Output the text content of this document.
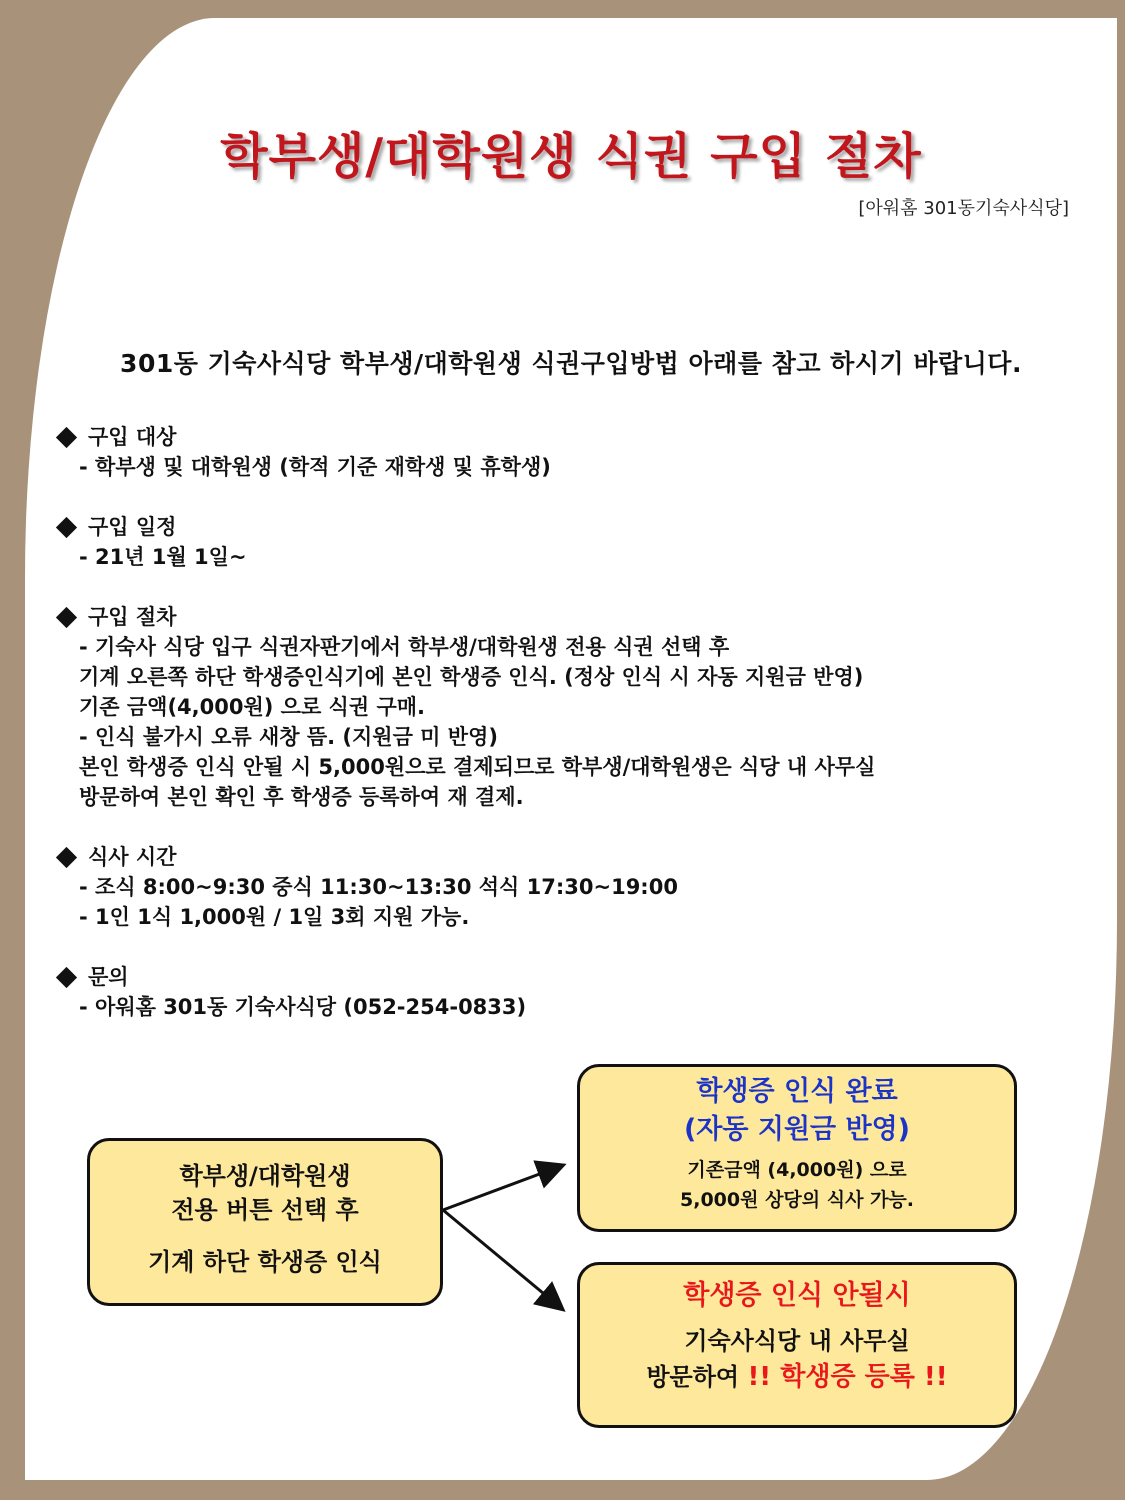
학부생/대학원생 식권 구입 절차
[아워홈 301동기숙사식당]
301동 기숙사식당 학부생/대학원생 식권구입방법 아래를 참고 하시기 바랍니다.
구입 대상
- 학부생 및 대학원생 (학적 기준 재학생 및 휴학생)
구입 일정
- 21년 1월 1일~
구입 절차
- 기숙사 식당 입구 식권자판기에서 학부생/대학원생 전용 식권 선택 후
기계 오른쪽 하단 학생증인식기에 본인 학생증 인식. (정상 인식 시 자동 지원금 반영)
기존 금액(4,000원) 으로 식권 구매.
- 인식 불가시 오류 새창 뜸. (지원금 미 반영)
본인 학생증 인식 안될 시 5,000원으로 결제되므로 학부생/대학원생은 식당 내 사무실
방문하여 본인 확인 후 학생증 등록하여 재 결제.
식사 시간
- 조식 8:00~9:30 중식 11:30~13:30 석식 17:30~19:00
- 1인 1식 1,000원 / 1일 3회 지원 가능.
문의
- 아워홈 301동 기숙사식당 (052-254-0833)
학부생/대학원생
전용 버튼 선택 후
기계 하단 학생증 인식
학생증 인식 완료
(자동 지원금 반영)
기존금액 (4,000원) 으로
5,000원 상당의 식사 가능.
학생증 인식 안될시
기숙사식당 내 사무실
방문하여 !! 학생증 등록 !!
